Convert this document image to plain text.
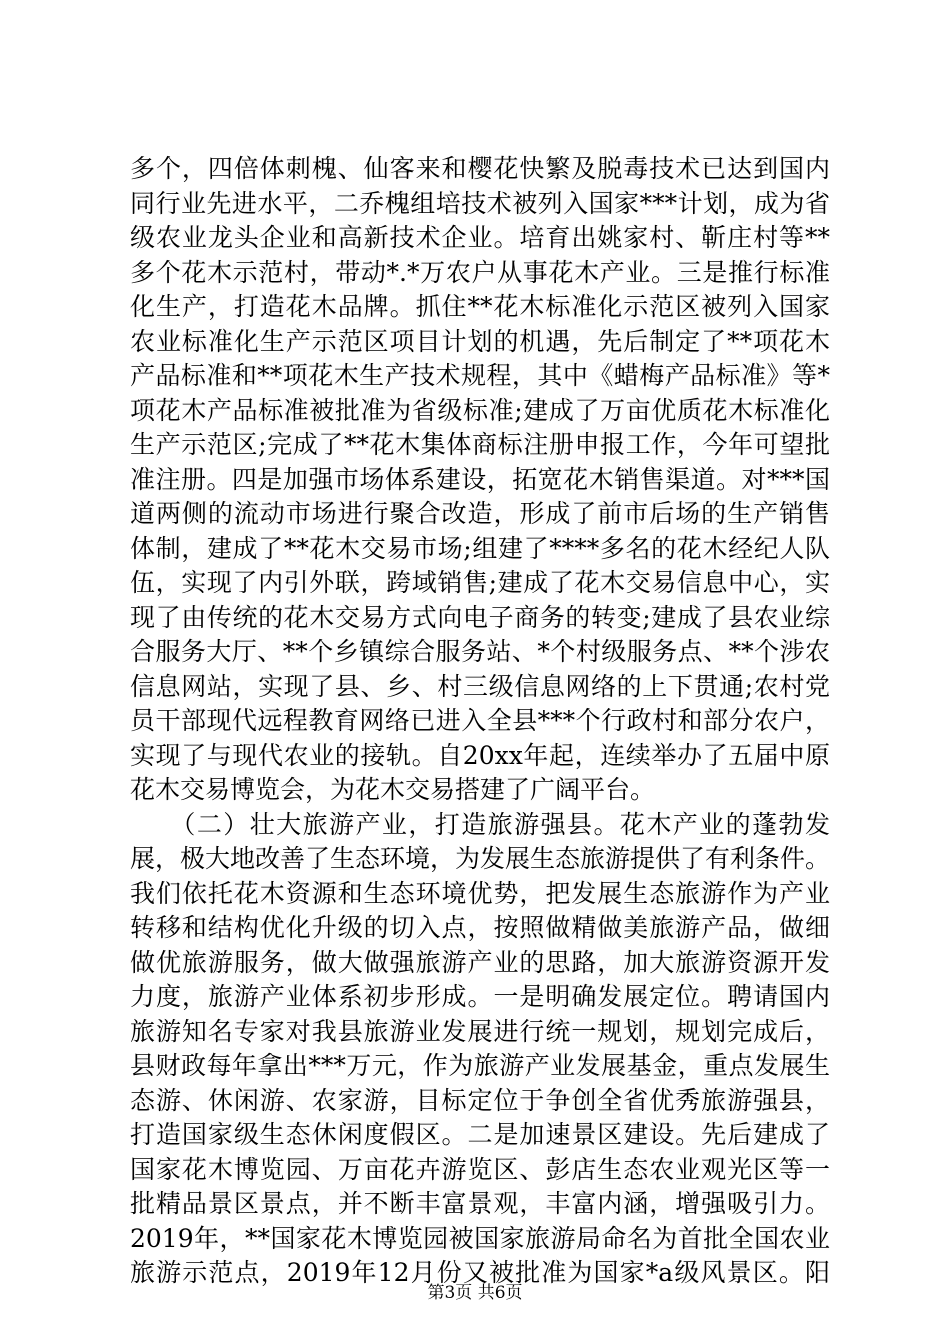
多个，四倍体刺槐、仙客来和樱花快繁及脱毒技术已达到国内
同行业先进水平，二乔槐组培技术被列入国家***计划，成为省
级农业龙头企业和高新技术企业。培育出姚家村、靳庄村等**
多个花木示范村，带动*.*万农户从事花木产业。三是推行标准
化生产，打造花木品牌。抓住**花木标准化示范区被列入国家
农业标准化生产示范区项目计划的机遇，先后制定了**项花木
产品标准和**项花木生产技术规程，其中《蜡梅产品标准》等*
项花木产品标准被批准为省级标准;建成了万亩优质花木标准化
生产示范区;完成了**花木集体商标注册申报工作，今年可望批
准注册。四是加强市场体系建设，拓宽花木销售渠道。对***国
道两侧的流动市场进行聚合改造，形成了前市后场的生产销售
体制，建成了**花木交易市场;组建了****多名的花木经纪人队
伍，实现了内引外联，跨域销售;建成了花木交易信息中心，实
现了由传统的花木交易方式向电子商务的转变;建成了县农业综
合服务大厅、**个乡镇综合服务站、*个村级服务点、**个涉农
信息网站，实现了县、乡、村三级信息网络的上下贯通;农村党
员干部现代远程教育网络已进入全县***个行政村和部分农户，
实现了与现代农业的接轨。自20xx年起，连续举办了五届中原
花木交易博览会，为花木交易搭建了广阔平台。
　　（二）壮大旅游产业，打造旅游强县。花木产业的蓬勃发
展，极大地改善了生态环境，为发展生态旅游提供了有利条件。
我们依托花木资源和生态环境优势，把发展生态旅游作为产业
转移和结构优化升级的切入点，按照做精做美旅游产品，做细
做优旅游服务，做大做强旅游产业的思路，加大旅游资源开发
力度，旅游产业体系初步形成。一是明确发展定位。聘请国内
旅游知名专家对我县旅游业发展进行统一规划，规划完成后，
县财政每年拿出***万元，作为旅游产业发展基金，重点发展生
态游、休闲游、农家游，目标定位于争创全省优秀旅游强县，
打造国家级生态休闲度假区。二是加速景区建设。先后建成了
国家花木博览园、万亩花卉游览区、彭店生态农业观光区等一
批精品景区景点，并不断丰富景观，丰富内涵，增强吸引力。
2019年，**国家花木博览园被国家旅游局命名为首批全国农业
旅游示范点，2019年12月份又被批准为国家*a级风景区。阳
第3页 共6页
